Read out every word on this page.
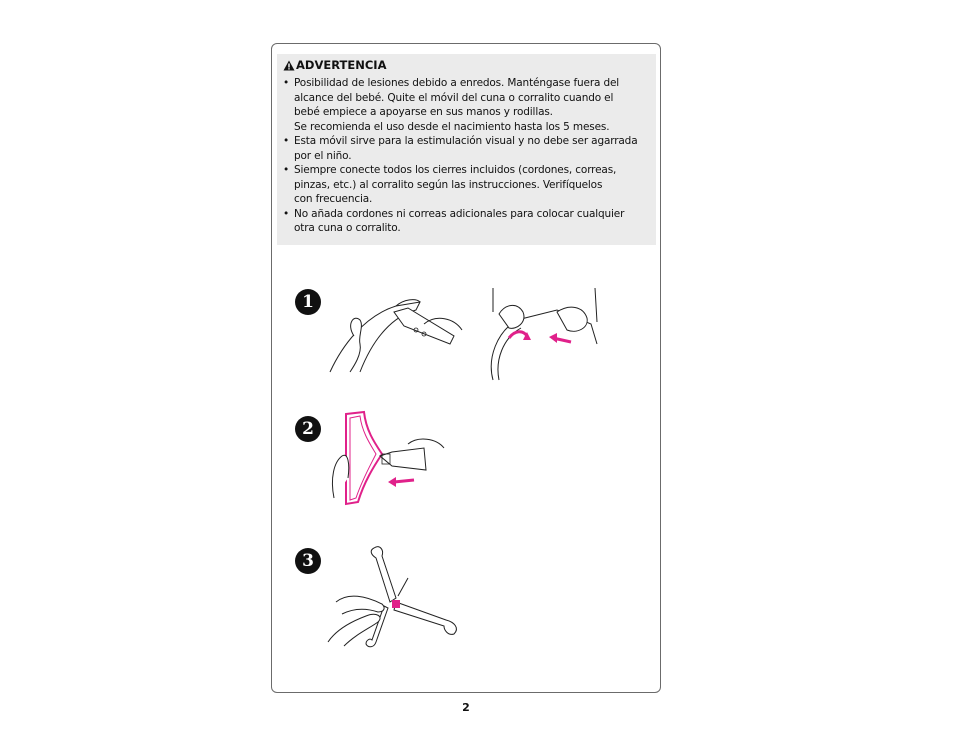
ADVERTENCIA
• Posibilidad de lesiones debido a enredos. Manténgase fuera del
alcance del bebé. Quite el móvil del cuna o corralito cuando el
bebé empiece a apoyarse en sus manos y rodillas.
Se recomienda el uso desde el nacimiento hasta los 5 meses.
• Esta móvil sirve para la estimulación visual y no debe ser agarrada
por el niño.
• Siempre conecte todos los cierres incluidos (cordones, correas,
pinzas, etc.) al corralito según las instrucciones. Verifíquelos
con frecuencia.
• No añada cordones ni correas adicionales para colocar cualquier
otra cuna o corralito.
1
2
3
2
